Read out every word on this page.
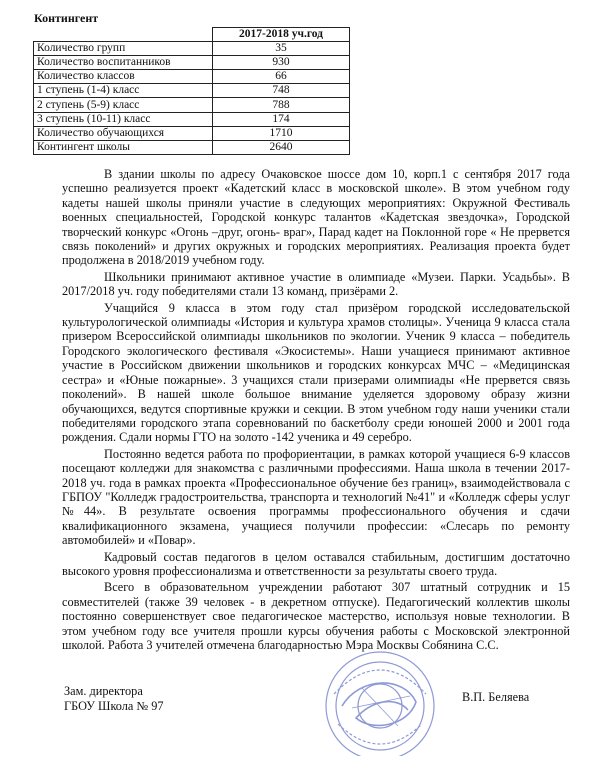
Контингент
	2017-2018 уч.год
Количество групп	35
Количество воспитанников	930
Количество классов	66
1 ступень (1-4) класс	748
2 ступень (5-9) класс	788
3 ступень (10-11) класс	174
Количество обучающихся	1710
Контингент школы	2640

В здании школы по адресу Очаковское шоссе дом 10, корп.1 с сентября 2017 года успешно реализуется проект «Кадетский класс в московской школе». В этом учебном году кадеты нашей школы приняли участие в следующих мероприятиях: Окружной Фестиваль военных специальностей, Городской конкурс талантов «Кадетская звездочка», Городской творческий конкурс «Огонь –друг, огонь- враг», Парад кадет на Поклонной горе « Не прервется связь поколений» и других окружных и городских мероприятиях. Реализация проекта будет продолжена в 2018/2019 учебном году.

Школьники принимают активное участие в олимпиаде «Музеи. Парки. Усадьбы». В 2017/2018 уч. году победителями стали 13 команд, призёрами 2.

Учащийся 9 класса в этом году стал призёром городской исследовательской культурологической олимпиады «История и культура храмов столицы». Ученица 9 класса стала призером Всероссийской олимпиады школьников по экологии. Ученик 9 класса – победитель Городского экологического фестиваля «Экосистемы». Наши учащиеся принимают активное участие в Российском движении школьников и городских конкурсах МЧС – «Медицинская сестра» и «Юные пожарные». 3 учащихся стали призерами олимпиады «Не прервется связь поколений». В нашей школе большое внимание уделяется здоровому образу жизни обучающихся, ведутся спортивные кружки и секции. В этом учебном году наши ученики стали победителями городского этапа соревнований по баскетболу среди юношей 2000 и 2001 года рождения. Сдали нормы ГТО на золото -142 ученика и 49 серебро.

Постоянно ведется работа по профориентации, в рамках которой учащиеся 6-9 классов посещают колледжи для знакомства с различными профессиями. Наша школа в течении 2017-2018 уч. года в рамках проекта «Профессиональное обучение без границ», взаимодействовала с ГБПОУ "Колледж градостроительства, транспорта и технологий №41" и «Колледж сферы услуг №44». В результате освоения программы профессионального обучения и сдачи квалификационного экзамена, учащиеся получили профессии: «Слесарь по ремонту автомобилей» и «Повар».

Кадровый состав педагогов в целом оставался стабильным, достигшим достаточно высокого уровня профессионализма и ответственности за результаты своего труда.

Всего в образовательном учреждении работают 307 штатный сотрудник и 15 совместителей (также 39 человек - в декретном отпуске). Педагогический коллектив школы постоянно совершенствует свое педагогическое мастерство, используя новые технологии. В этом учебном году все учителя прошли курсы обучения работы с Московской электронной школой. Работа 3 учителей отмечена благодарностью Мэра Москвы Собянина С.С.

Зам. директора
ГБОУ Школа № 97
В.П. Беляева
